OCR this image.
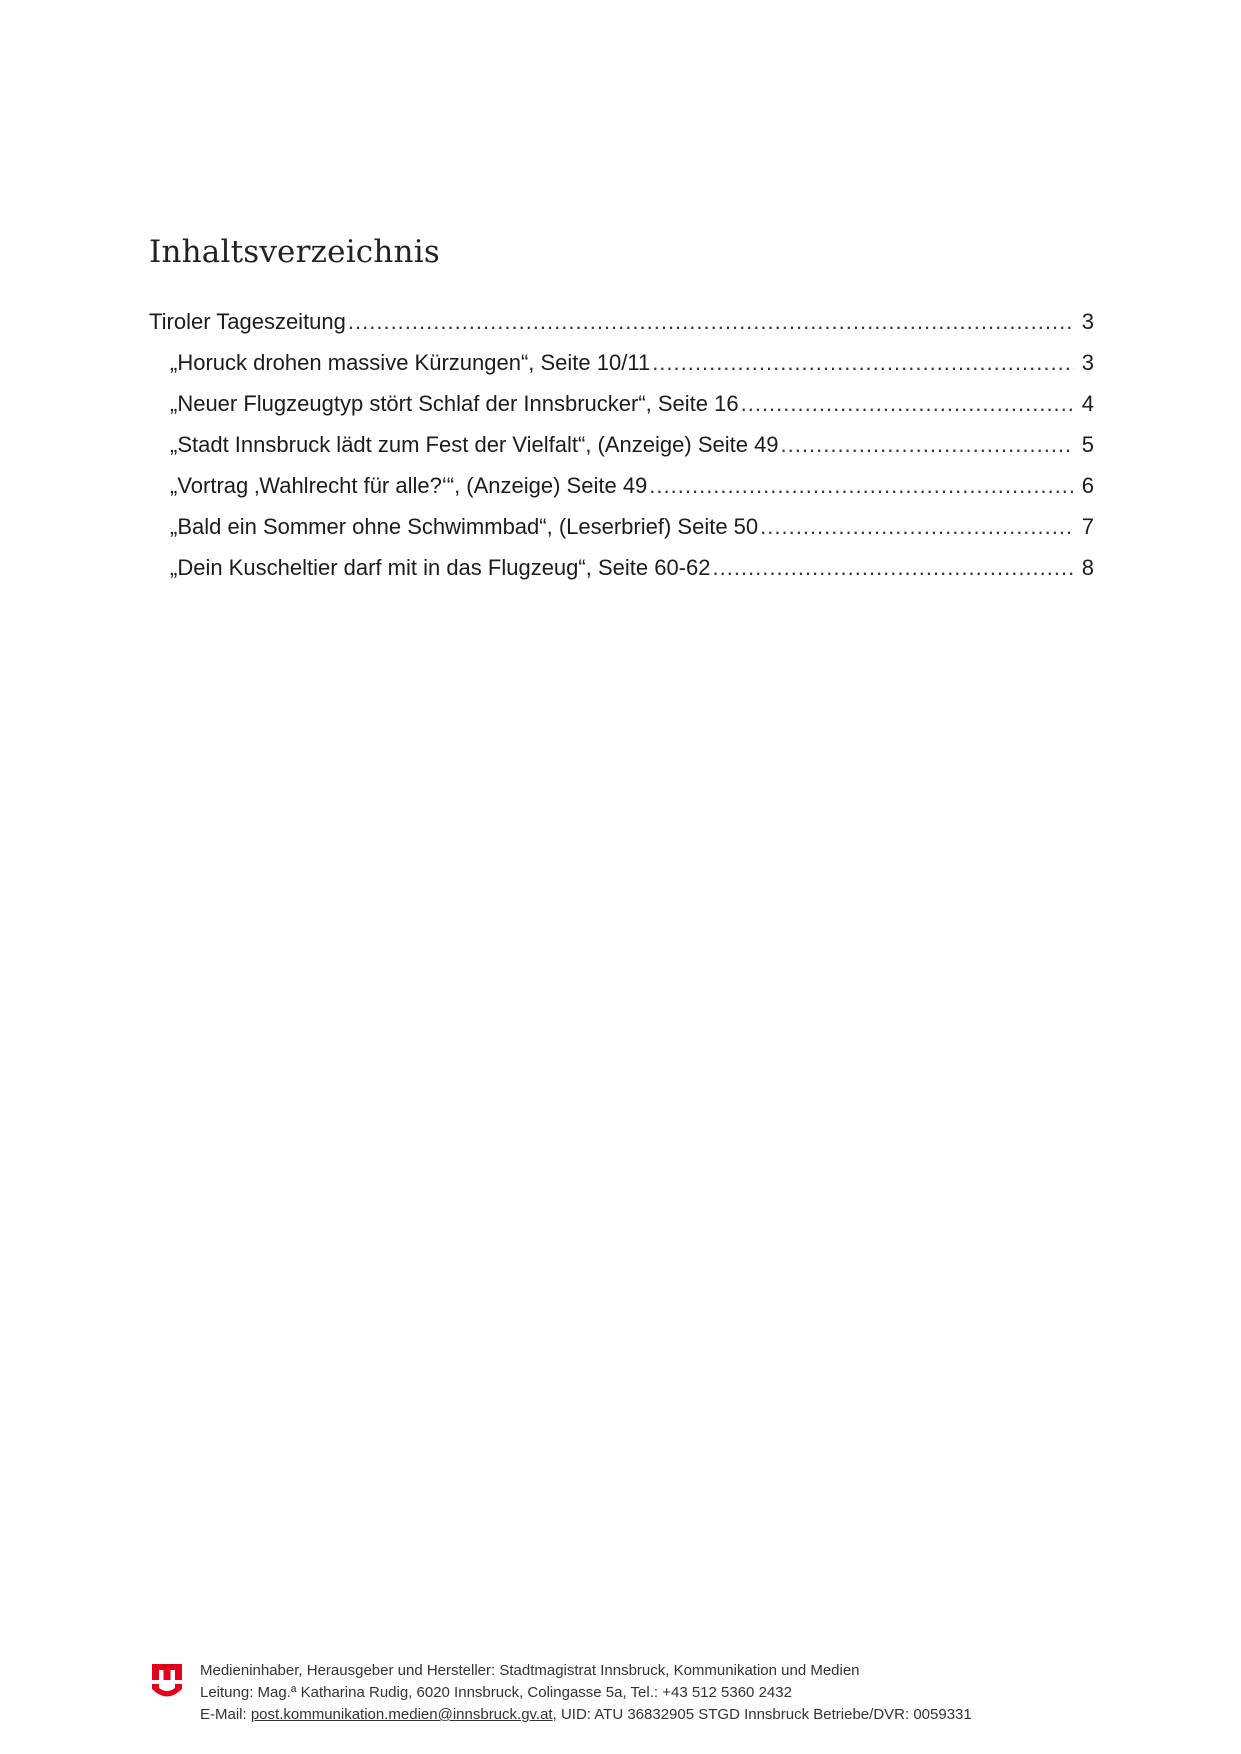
Inhaltsverzeichnis
Tiroler Tageszeitung .....	3
„Horuck drohen massive Kürzungen“, Seite 10/11 .....	3
„Neuer Flugzeugtyp stört Schlaf der Innsbrucker“, Seite 16 .....	4
„Stadt Innsbruck lädt zum Fest der Vielfalt“, (Anzeige) Seite 49 .....	5
„Vortrag ‚Wahlrecht für alle?‘“, (Anzeige) Seite 49 .....	6
„Bald ein Sommer ohne Schwimmbad“, (Leserbrief) Seite 50 .....	7
„Dein Kuscheltier darf mit in das Flugzeug“, Seite 60-62 .....	8
Medieninhaber, Herausgeber und Hersteller: Stadtmagistrat Innsbruck, Kommunikation und Medien
Leitung: Mag.ª Katharina Rudig, 6020 Innsbruck, Colingasse 5a, Tel.: +43 512 5360 2432
E-Mail: post.kommunikation.medien@innsbruck.gv.at, UID: ATU 36832905 STGD Innsbruck Betriebe/DVR: 0059331
